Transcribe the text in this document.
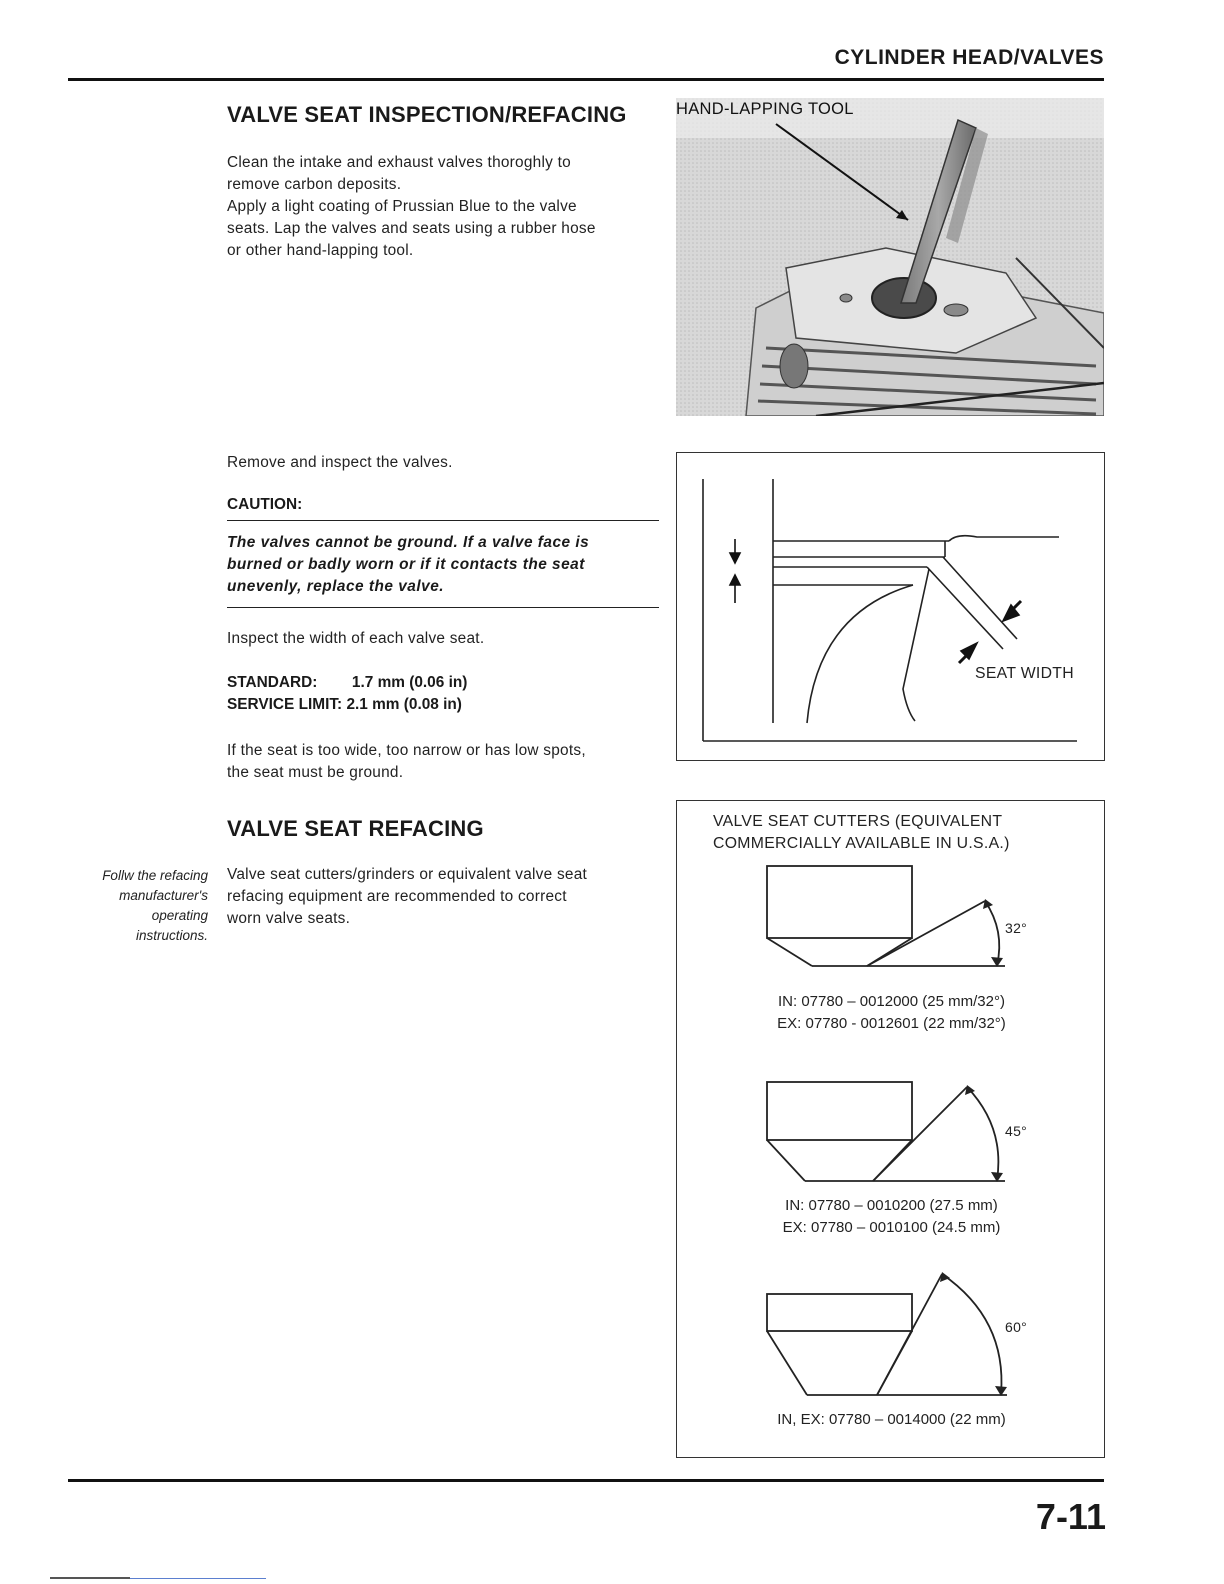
CYLINDER HEAD/VALVES
VALVE SEAT INSPECTION/REFACING
Clean the intake and exhaust valves thoroghly to
remove carbon deposits.
Apply a light coating of Prussian Blue to the valve
seats. Lap the valves and seats using a rubber hose
or other hand-lapping tool.
Remove and inspect the valves.
CAUTION:
The valves cannot be ground. If a valve face is
burned or badly worn or if it contacts the seat
unevenly, replace the valve.
Inspect the width of each valve seat.
STANDARD: 1.7 mm (0.06 in)
SERVICE LIMIT: 2.1 mm (0.08 in)
If the seat is too wide, too narrow or has low spots,
the seat must be ground.
VALVE SEAT REFACING
Follw the refacing
manufacturer's
operating
instructions.
Valve seat cutters/grinders or equivalent valve seat
refacing equipment are recommended to correct
worn valve seats.
HAND-LAPPING TOOL
SEAT WIDTH
VALVE SEAT CUTTERS (EQUIVALENT
COMMERCIALLY AVAILABLE IN U.S.A.)
32°
IN: 07780 – 0012000 (25 mm/32°)
EX: 07780 - 0012601 (22 mm/32°)
45°
IN: 07780 – 0010200 (27.5 mm)
EX: 07780 – 0010100 (24.5 mm)
60°
IN, EX: 07780 – 0014000 (22 mm)
7-11
